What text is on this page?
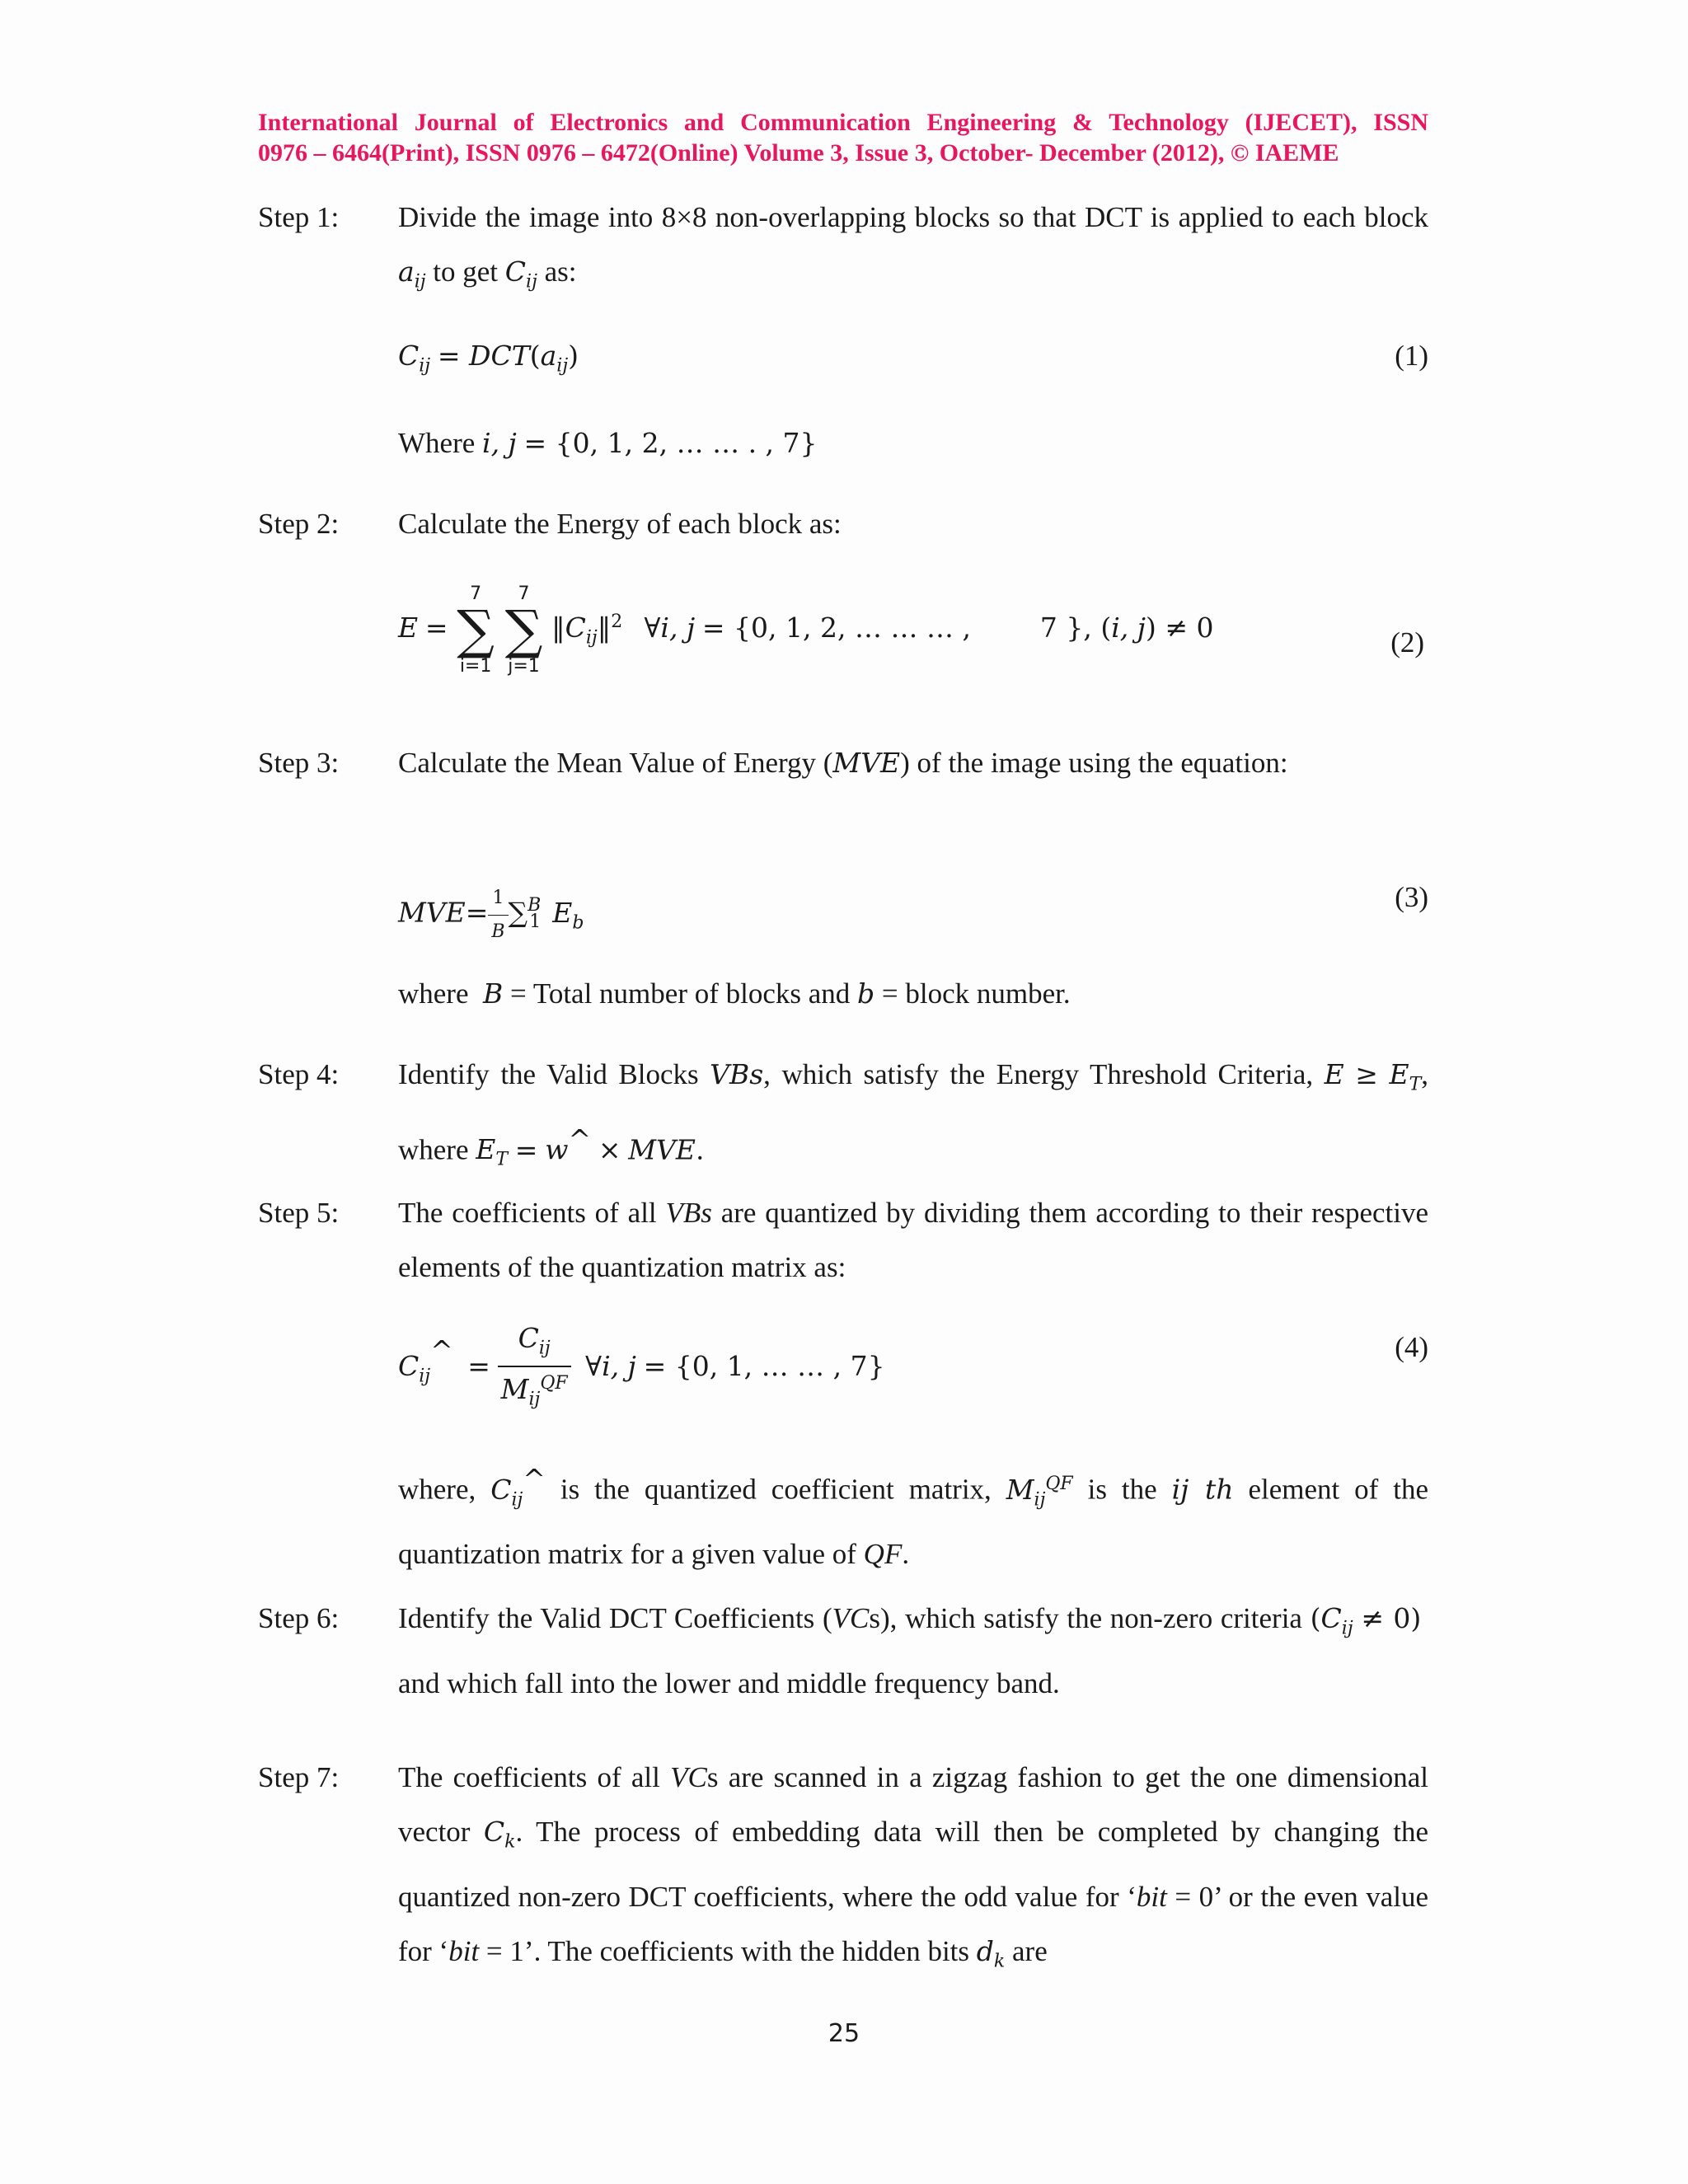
International Journal of Electronics and Communication Engineering & Technology (IJECET), ISSN
0976 – 6464(Print), ISSN 0976 – 6472(Online) Volume 3, Issue 3, October- December (2012), © IAEME
Step 1: Divide the image into 8×8 non-overlapping blocks so that DCT is applied to each block $a_{ij}$ to get $C_{ij}$ as:
$C_{ij} = DCT(a_{ij})$	(1)
Where i, j = {0, 1, 2, … … . , 7}
Step 2: Calculate the Energy of each block as:
E =
7
∑
i=1

7
∑
j=1
$‖C_{ij}‖^2$ ∀i, j = {0, 1, 2, … … … ,        7 }, (i, j) ≠ 0	(2)
Step 3: Calculate the Mean Value of Energy (MVE) of the image using the equation:
$MVE= \frac{1}{B} \sum^B1$ $E_b$
(3)
where B = Total number of blocks and b = block number.
Step 4: Identify the Valid Blocks VBs, which satisfy the Energy Threshold Criteria, $E \ge E_T$, where $E_T = w^{\^{}}$ × MVE.
Step 5: The coefficients of all VBs are quantized by dividing them according to their respective elements of the quantization matrix as:
$C_{ij}^{\^{}} = \frac{C_{ij}}{M_{ij}^{QF}}$ ∀i, j = {0, 1, … … , 7}
(4)
where, $C_{ij}^{\^{}}$ is the quantized coefficient matrix, $M_{ij}^{QF}$ is the ij th element of the quantization matrix for a given value of QF.
Step 6: Identify the Valid DCT Coefficients (VCs), which satisfy the non-zero criteria $(C_{ij} \ne 0)$  and which fall into the lower and middle frequency band.
Step 7: The coefficients of all VCs are scanned in a zigzag fashion to get the one dimensional vector $C_k$. The process of embedding data will then be completed by changing the quantized non-zero DCT coefficients, where the odd value for ‘bit = 0’ or the even value for ‘bit = 1’. The coefficients with the hidden bits $d_k$ are
25
